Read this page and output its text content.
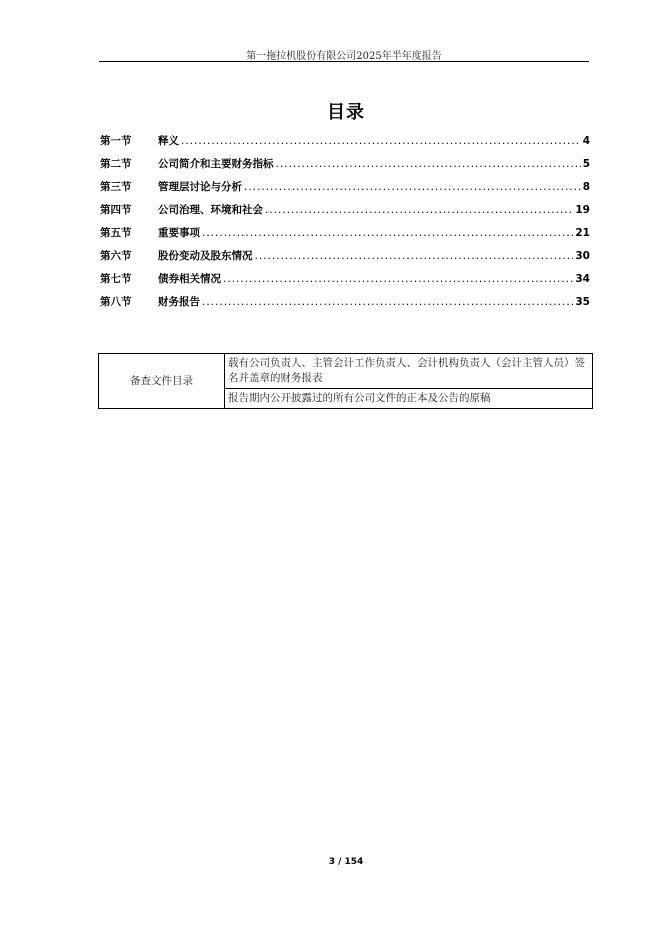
第一拖拉机股份有限公司2025年半年度报告
目录
第一节	释义 .....	4
第二节	公司简介和主要财务指标 .....	5
第三节	管理层讨论与分析 .....	8
第四节	公司治理、环境和社会 .....	19
第五节	重要事项 .....	21
第六节	股份变动及股东情况 .....	30
第七节	债券相关情况 .....	34
第八节	财务报告 .....	35
备查文件目录	载有公司负责人、主管会计工作负责人、会计机构负责人（会计主管人员）签名并盖章的财务报表
报告期内公开披露过的所有公司文件的正本及公告的原稿
3 / 154
